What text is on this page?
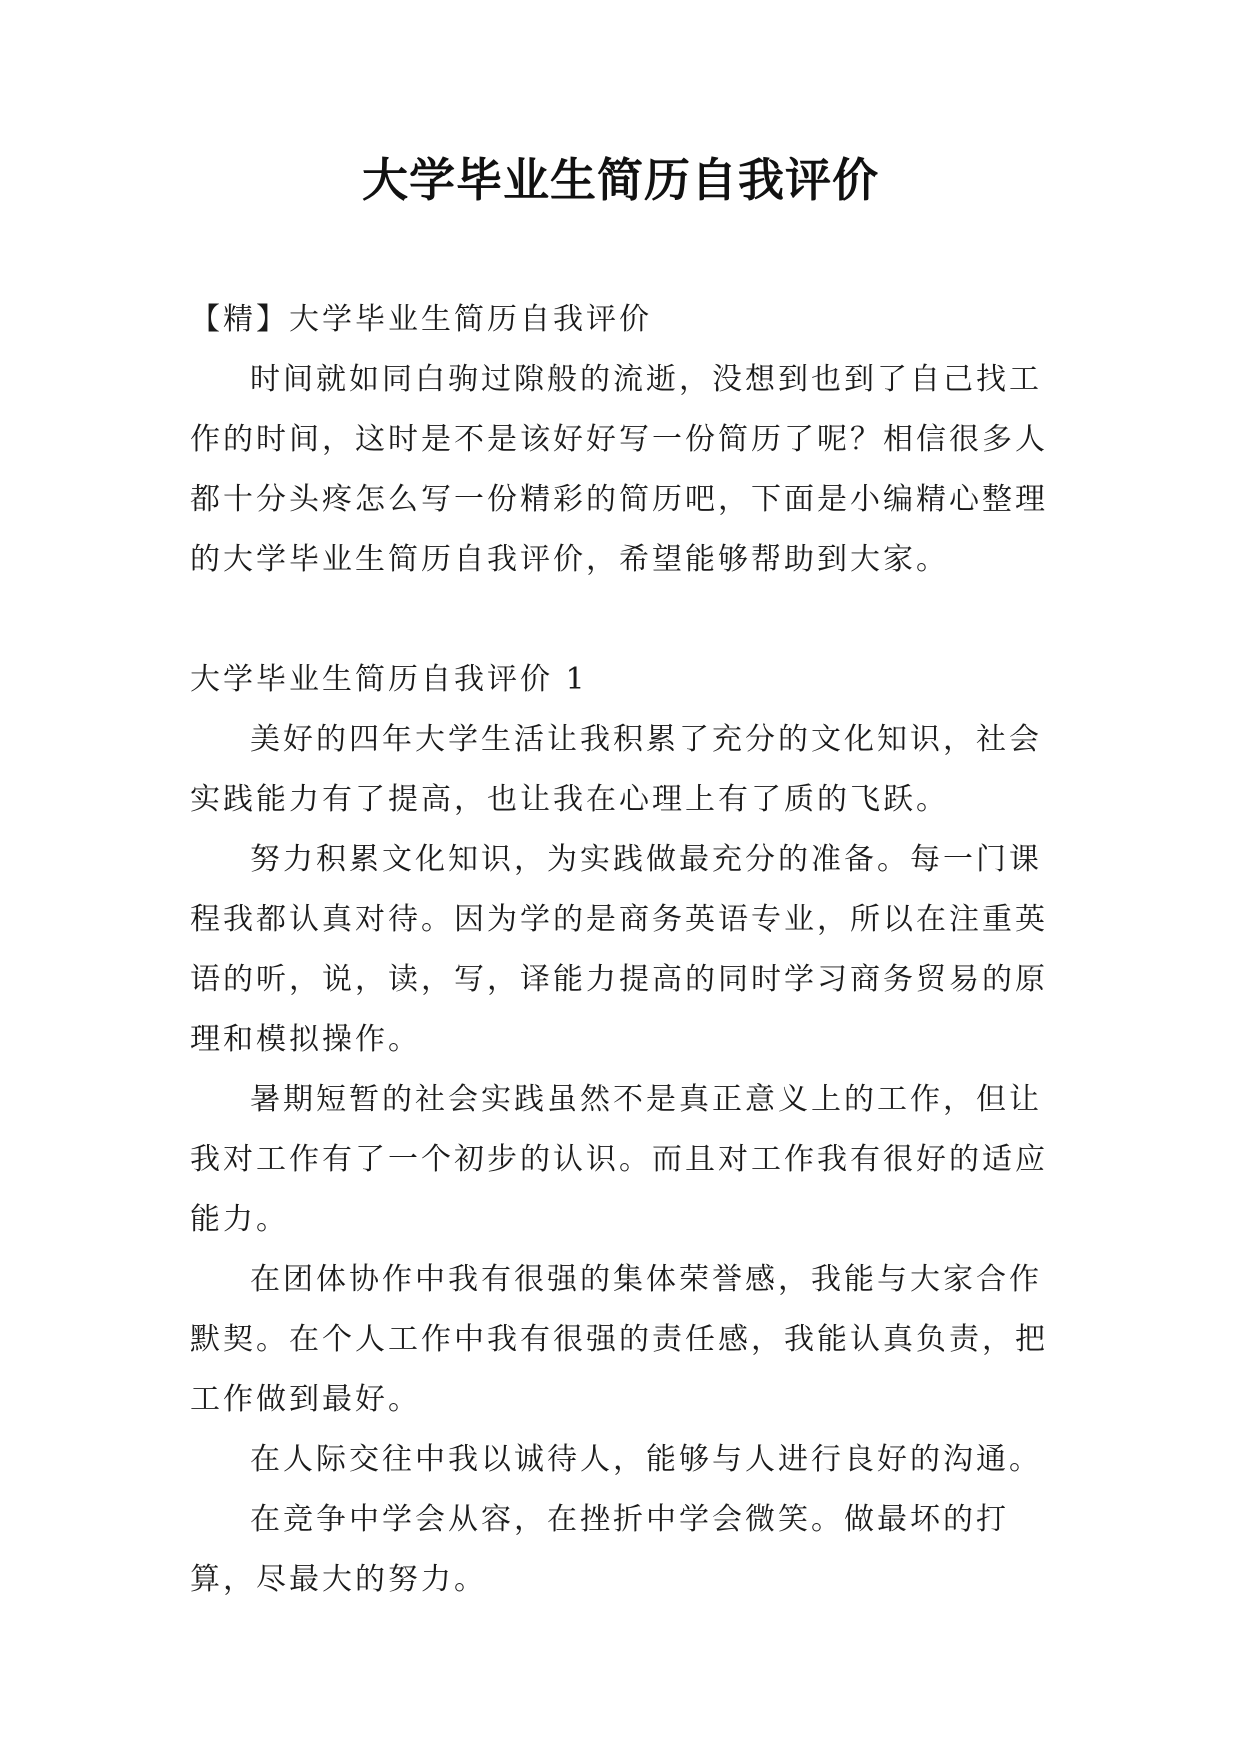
大学毕业生简历自我评价

【精】大学毕业生简历自我评价

时间就如同白驹过隙般的流逝，没想到也到了自己找工作的时间，这时是不是该好好写一份简历了呢？相信很多人都十分头疼怎么写一份精彩的简历吧，下面是小编精心整理的大学毕业生简历自我评价，希望能够帮助到大家。

大学毕业生简历自我评价 1

美好的四年大学生活让我积累了充分的文化知识，社会实践能力有了提高，也让我在心理上有了质的飞跃。

努力积累文化知识，为实践做最充分的准备。每一门课程我都认真对待。因为学的是商务英语专业，所以在注重英语的听，说，读，写，译能力提高的同时学习商务贸易的原理和模拟操作。

暑期短暂的社会实践虽然不是真正意义上的工作，但让我对工作有了一个初步的认识。而且对工作我有很好的适应能力。

在团体协作中我有很强的集体荣誉感，我能与大家合作默契。在个人工作中我有很强的责任感，我能认真负责，把工作做到最好。

在人际交往中我以诚待人，能够与人进行良好的沟通。

在竞争中学会从容，在挫折中学会微笑。做最坏的打算，尽最大的努力。
